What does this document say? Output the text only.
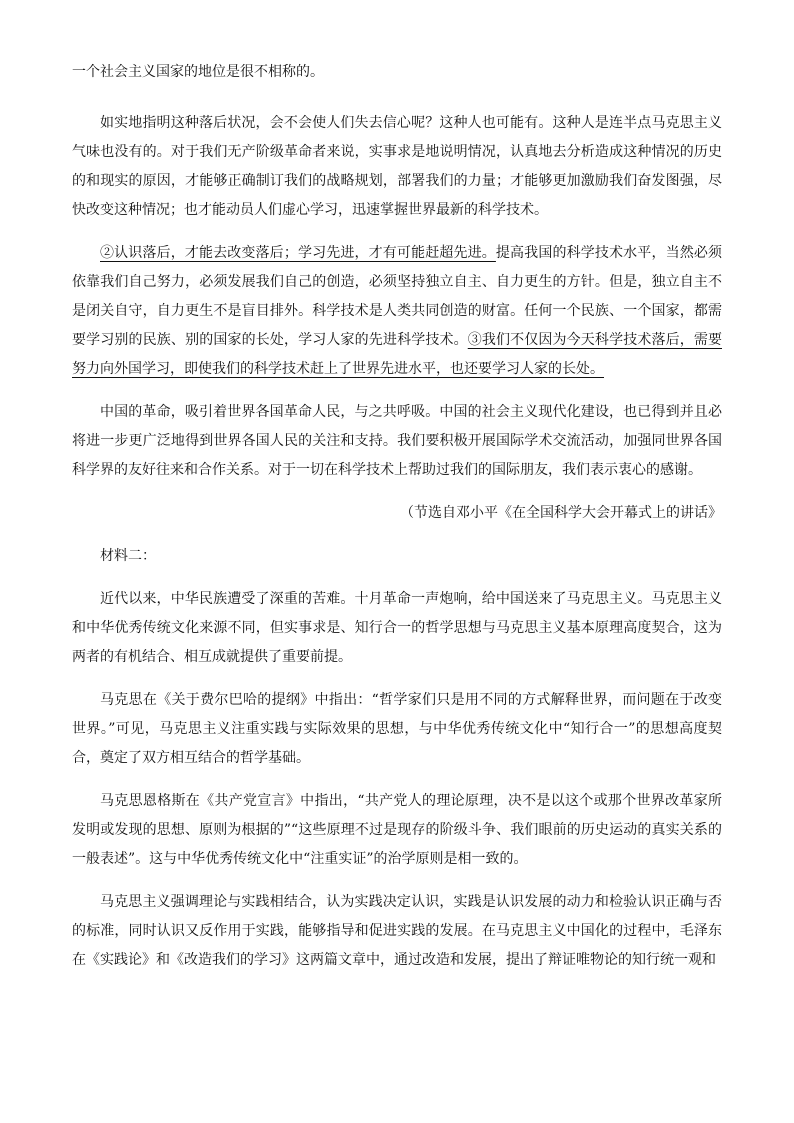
一个社会主义国家的地位是很不相称的。

如实地指明这种落后状况，会不会使人们失去信心呢？这种人也可能有。这种人是连半点马克思主义气味也没有的。对于我们无产阶级革命者来说，实事求是地说明情况，认真地去分析造成这种情况的历史的和现实的原因，才能够正确制订我们的战略规划，部署我们的力量；才能够更加激励我们奋发图强，尽快改变这种情况；也才能动员人们虚心学习，迅速掌握世界最新的科学技术。

②认识落后，才能去改变落后；学习先进，才有可能赶超先进。提高我国的科学技术水平，当然必须依靠我们自己努力，必须发展我们自己的创造，必须坚持独立自主、自力更生的方针。但是，独立自主不是闭关自守，自力更生不是盲目排外。科学技术是人类共同创造的财富。任何一个民族、一个国家，都需要学习别的民族、别的国家的长处，学习人家的先进科学技术。③我们不仅因为今天科学技术落后，需要努力向外国学习，即使我们的科学技术赶上了世界先进水平，也还要学习人家的长处。

中国的革命，吸引着世界各国革命人民，与之共呼吸。中国的社会主义现代化建设，也已得到并且必将进一步更广泛地得到世界各国人民的关注和支持。我们要积极开展国际学术交流活动，加强同世界各国科学界的友好往来和合作关系。对于一切在科学技术上帮助过我们的国际朋友，我们表示衷心的感谢。

（节选自邓小平《在全国科学大会开幕式上的讲话》

材料二：

近代以来，中华民族遭受了深重的苦难。十月革命一声炮响，给中国送来了马克思主义。马克思主义和中华优秀传统文化来源不同，但实事求是、知行合一的哲学思想与马克思主义基本原理高度契合，这为两者的有机结合、相互成就提供了重要前提。

马克思在《关于费尔巴哈的提纲》中指出：“哲学家们只是用不同的方式解释世界，而问题在于改变世界。”可见，马克思主义注重实践与实际效果的思想，与中华优秀传统文化中“知行合一”的思想高度契合，奠定了双方相互结合的哲学基础。

马克思恩格斯在《共产党宣言》中指出，“共产党人的理论原理，决不是以这个或那个世界改革家所发明或发现的思想、原则为根据的”“这些原理不过是现存的阶级斗争、我们眼前的历史运动的真实关系的一般表述”。这与中华优秀传统文化中“注重实证”的治学原则是相一致的。

马克思主义强调理论与实践相结合，认为实践决定认识，实践是认识发展的动力和检验认识正确与否的标准，同时认识又反作用于实践，能够指导和促进实践的发展。在马克思主义中国化的过程中，毛泽东在《实践论》和《改造我们的学习》这两篇文章中，通过改造和发展，提出了辩证唯物论的知行统一观和
